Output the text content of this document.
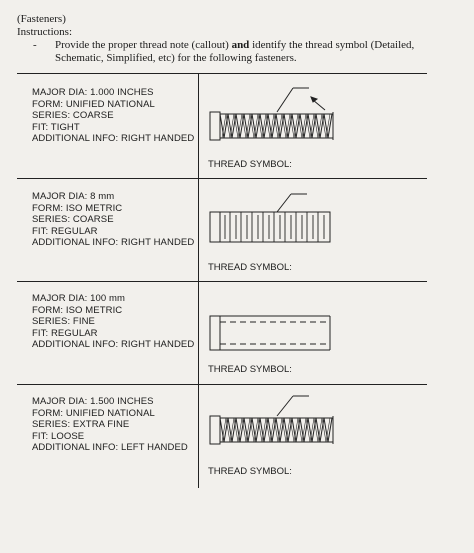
(Fasteners)
Instructions:
- Provide the proper thread note (callout) and identify the thread symbol (Detailed, Schematic, Simplified, etc) for the following fasteners.
MAJOR DIA: 1.000 INCHES
FORM: UNIFIED NATIONAL
SERIES: COARSE
FIT: TIGHT
ADDITIONAL INFO: RIGHT HANDED
THREAD SYMBOL:
MAJOR DIA: 8 mm
FORM: ISO METRIC
SERIES: COARSE
FIT: REGULAR
ADDITIONAL INFO: RIGHT HANDED
THREAD SYMBOL:
MAJOR DIA: 100 mm
FORM: ISO METRIC
SERIES: FINE
FIT: REGULAR
ADDITIONAL INFO: RIGHT HANDED
THREAD SYMBOL:
MAJOR DIA: 1.500 INCHES
FORM: UNIFIED NATIONAL
SERIES: EXTRA FINE
FIT: LOOSE
ADDITIONAL INFO: LEFT HANDED
THREAD SYMBOL:
